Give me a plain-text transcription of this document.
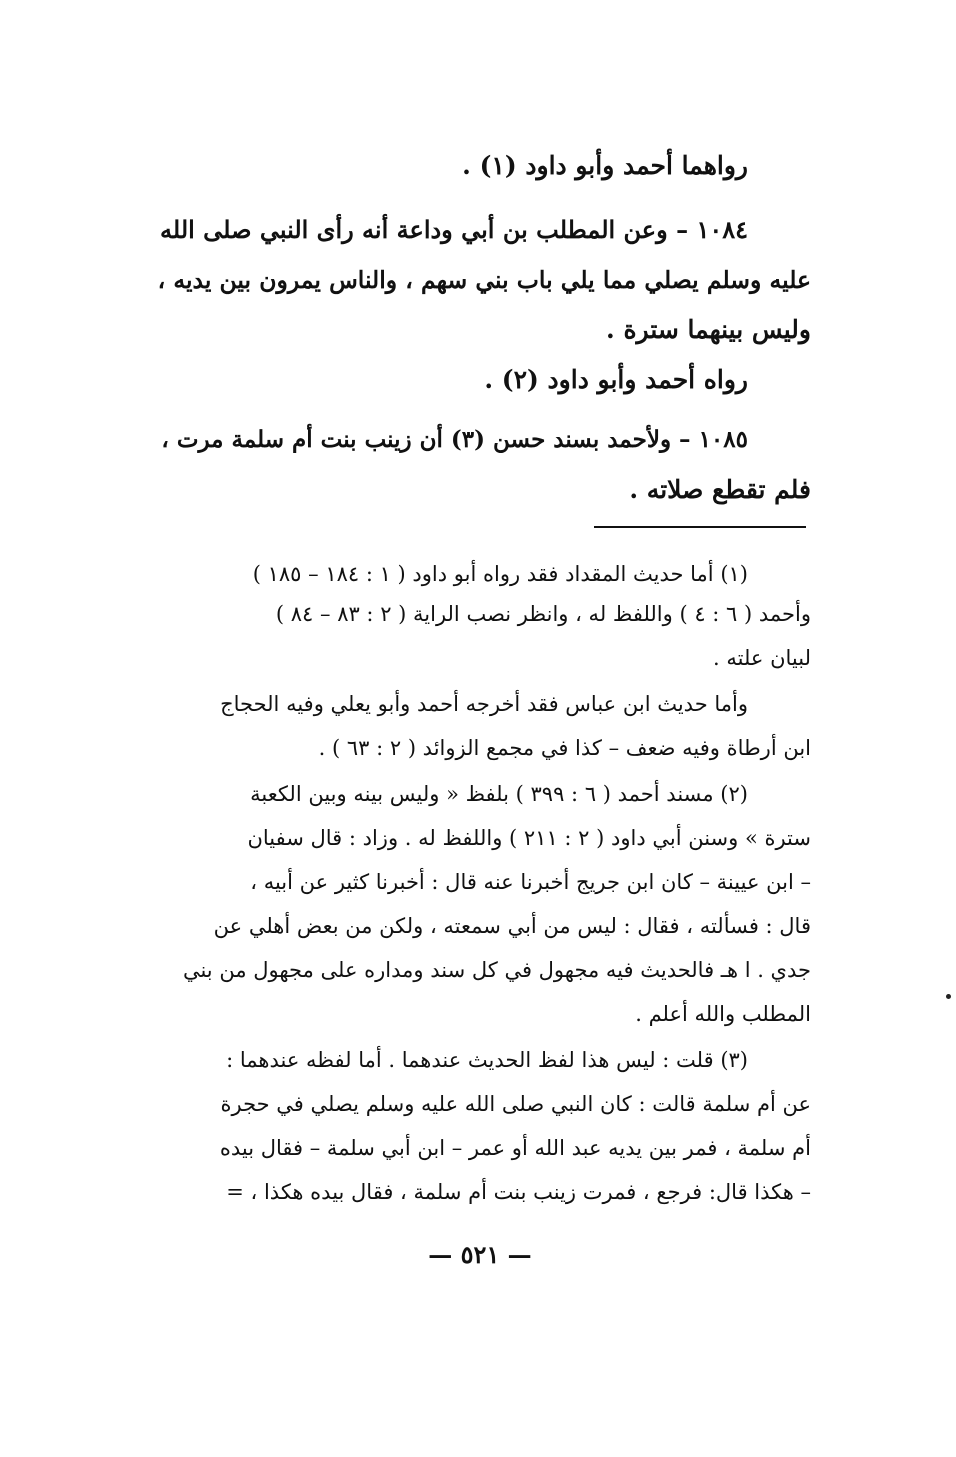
رواهما أحمد وأبو داود (١) .
١٠٨٤ – وعن المطلب بن أبي وداعة أنه رأى النبي صلى الله
عليه وسلم يصلي مما يلي باب بني سهم ، والناس يمرون بين يديه ،
وليس بينهما سترة .
رواه أحمد وأبو داود (٢) .
١٠٨٥ – ولأحمد بسند حسن (٣) أن زينب بنت أم سلمة مرت ،
فلم تقطع صلاته .
(١) أما حديث المقداد فقد رواه أبو داود ( ١ : ١٨٤ – ١٨٥ )
وأحمد ( ٦ : ٤ ) واللفظ له ، وانظر نصب الراية ( ٢ : ٨٣ – ٨٤ )
لبيان علته .
وأما حديث ابن عباس فقد أخرجه أحمد وأبو يعلي وفيه الحجاج
ابن أرطاة وفيه ضعف – كذا في مجمع الزوائد ( ٢ : ٦٣ ) .
(٢) مسند أحمد ( ٦ : ٣٩٩ ) بلفظ « وليس بينه وبين الكعبة
سترة » وسنن أبي داود ( ٢ : ٢١١ ) واللفظ له . وزاد : قال سفيان
– ابن عيينة – كان ابن جريج أخبرنا عنه قال : أخبرنا كثير عن أبيه ،
قال : فسألته ، فقال : ليس من أبي سمعته ، ولكن من بعض أهلي عن
جدي . ا هـ فالحديث فيه مجهول في كل سند ومداره على مجهول من بني
المطلب والله أعلم .
(٣) قلت : ليس هذا لفظ الحديث عندهما . أما لفظه عندهما :
عن أم سلمة قالت : كان النبي صلى الله عليه وسلم يصلي في حجرة
أم سلمة ، فمر بين يديه عبد الله أو عمر – ابن أبي سلمة – فقال بيده
– هكذا قال: فرجع ، فمرت زينب بنت أم سلمة ، فقال بيده هكذا ، =
— ٥٢١ —
